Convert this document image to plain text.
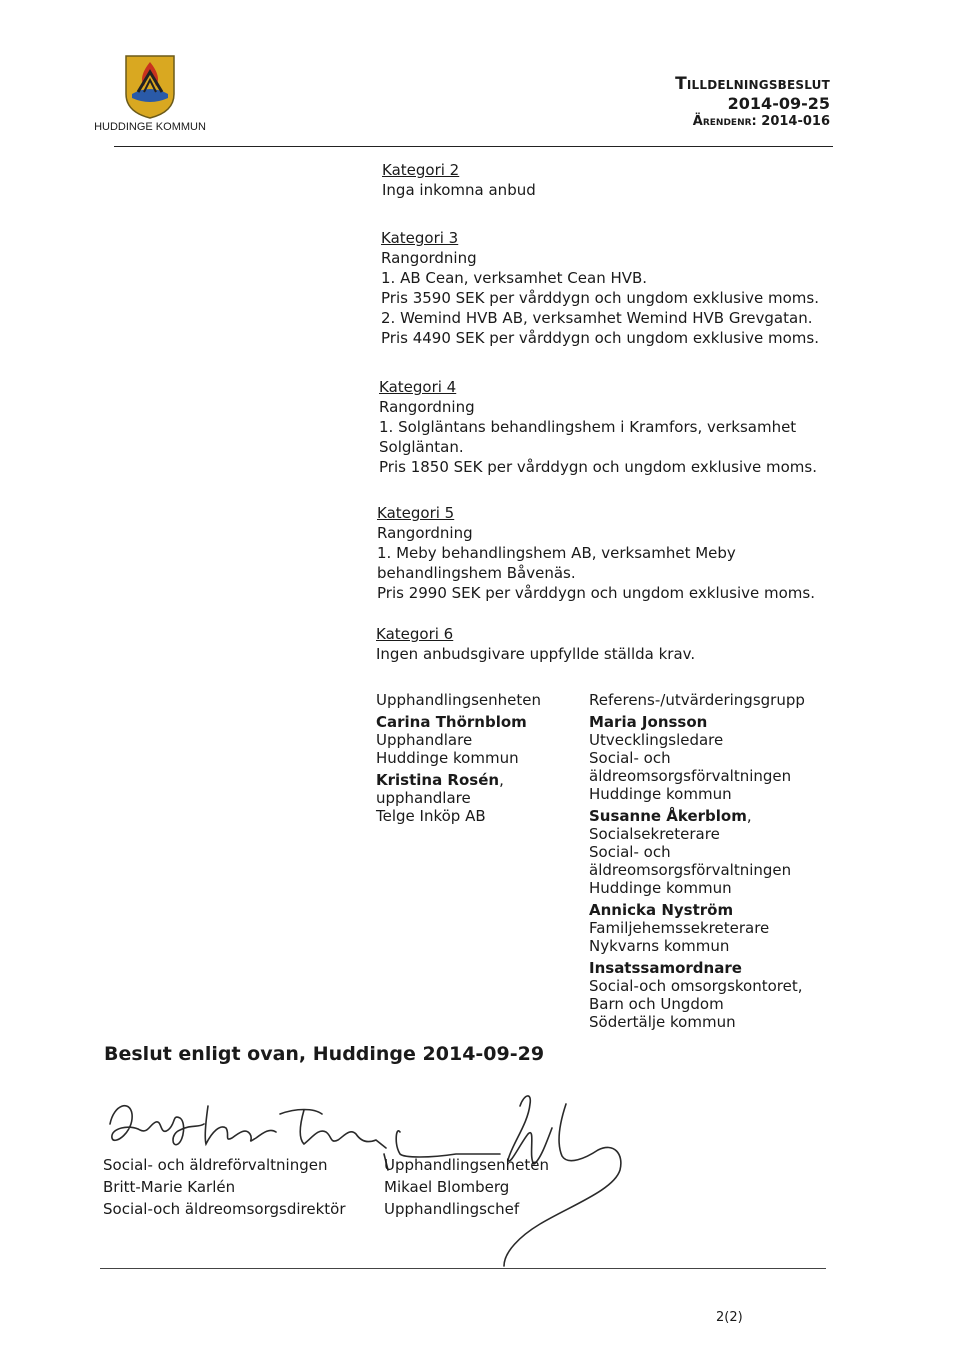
HUDDINGE KOMMUN
Tilldelningsbeslut
2014-09-25
Ärendenr: 2014-016
Kategori 2
Inga inkomna anbud
Kategori 3
Rangordning
1. AB Cean, verksamhet Cean HVB.
Pris 3590 SEK per vårddygn och ungdom exklusive moms.
2. Wemind HVB AB, verksamhet Wemind HVB Grevgatan.
Pris 4490 SEK per vårddygn och ungdom exklusive moms.
Kategori 4
Rangordning
1. Solgläntans behandlingshem i Kramfors, verksamhet
Solgläntan.
Pris 1850 SEK per vårddygn och ungdom exklusive moms.
Kategori 5
Rangordning
1. Meby behandlingshem AB, verksamhet Meby
behandlingshem Båvenäs.
Pris 2990 SEK per vårddygn och ungdom exklusive moms.
Kategori 6
Ingen anbudsgivare uppfyllde ställda krav.
Upphandlingsenheten
Carina Thörnblom
Upphandlare
Huddinge kommun
Kristina Rosén,
upphandlare
Telge Inköp AB
Referens-/utvärderingsgrupp
Maria Jonsson
Utvecklingsledare
Social- och
äldreomsorgsförvaltningen
Huddinge kommun
Susanne Åkerblom,
Socialsekreterare
Social- och
äldreomsorgsförvaltningen
Huddinge kommun
Annicka Nyström
Familjehemssekreterare
Nykvarns kommun
Insatssamordnare
Social-och omsorgskontoret,
Barn och Ungdom
Södertälje kommun
Beslut enligt ovan, Huddinge 2014-09-29
Social- och äldreförvaltningen
Britt-Marie Karlén
Social-och äldreomsorgsdirektör
Upphandlingsenheten
Mikael Blomberg
Upphandlingschef
2(2)
